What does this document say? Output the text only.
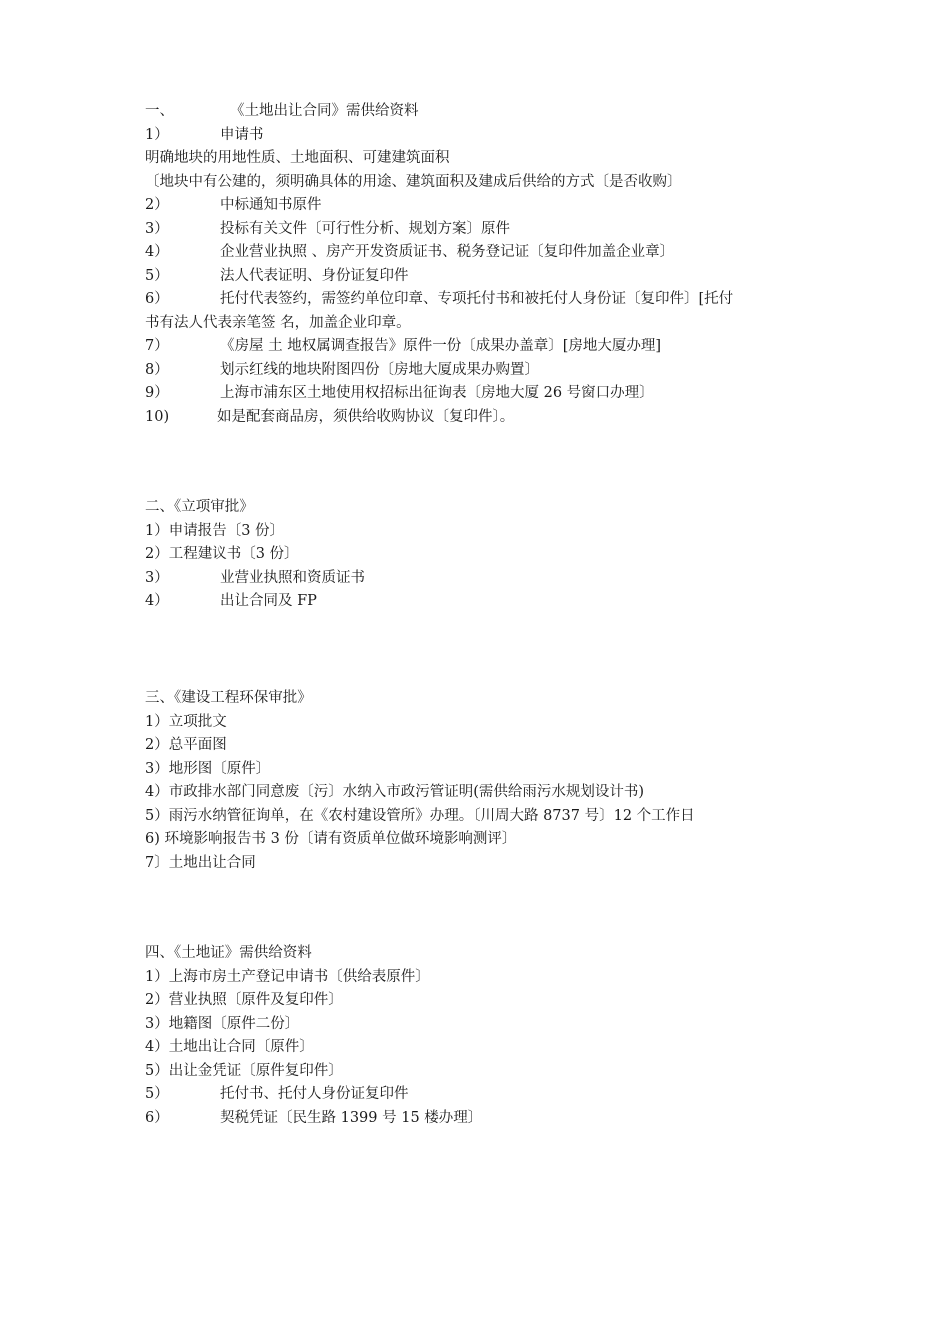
一、	《土地出让合同》需供给资料
1）	申请书
明确地块的用地性质、土地面积、可建建筑面积
〔地块中有公建的，须明确具体的用途、建筑面积及建成后供给的方式〔是否收购〕
2）	中标通知书原件
3）	投标有关文件〔可行性分析、规划方案〕原件
4）	企业营业执照 、房产开发资质证书、税务登记证〔复印件加盖企业章〕
5）	法人代表证明、身份证复印件
6）	托付代表签约，需签约单位印章、专项托付书和被托付人身份证〔复印件〕[托付
书有法人代表亲笔签 名，加盖企业印章。
7）	《房屋 土 地权属调查报告》原件一份〔成果办盖章〕[房地大厦办理]
8）	划示红线的地块附图四份〔房地大厦成果办购置〕
9）	上海市浦东区土地使用权招标出征询表〔房地大厦 26 号窗口办理〕
10)	如是配套商品房，须供给收购协议〔复印件〕。
二、《立项审批》
1）申请报告〔3 份〕
2）工程建议书〔3 份〕
3）	业营业执照和资质证书
4）	出让合同及 FP
三、《建设工程环保审批》
1）立项批文
2）总平面图
3）地形图〔原件〕
4）市政排水部门同意废〔污〕水纳入市政污管证明(需供给雨污水规划设计书)
5）雨污水纳管征询单，在《农村建设管所》办理。〔川周大路 8737 号〕12 个工作日
6) 环境影响报告书 3 份〔请有资质单位做环境影响测评〕
7〕土地出让合同
四、《土地证》需供给资料
1）上海市房土产登记申请书〔供给表原件〕
2）营业执照〔原件及复印件〕
3）地籍图〔原件二份〕
4）土地出让合同〔原件〕
5）出让金凭证〔原件复印件〕
5）	托付书、托付人身份证复印件
6）	契税凭证〔民生路 1399 号 15 楼办理〕
